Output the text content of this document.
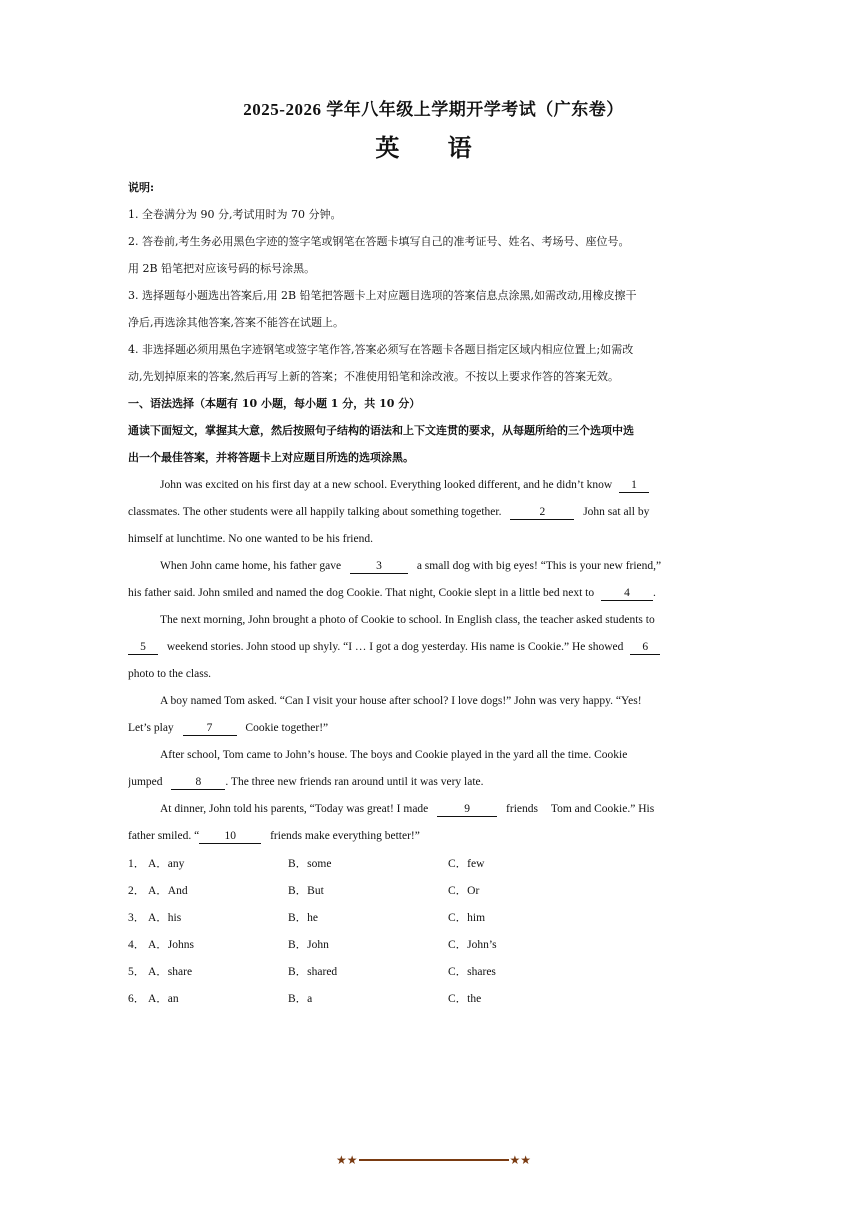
2025-2026 学年八年级上学期开学考试（广东卷）
英 语
说明:
1. 全卷满分为 90 分,考试用时为 70 分钟。
2. 答卷前,考生务必用黑色字迹的签字笔或钢笔在答题卡填写自己的准考证号、姓名、考场号、座位号。
用 2B 铅笔把对应该号码的标号涂黑。
3. 选择题每小题选出答案后,用 2B 铅笔把答题卡上对应题目选项的答案信息点涂黑,如需改动,用橡皮擦干
净后,再选涂其他答案,答案不能答在试题上。
4. 非选择题必须用黑色字迹钢笔或签字笔作答,答案必须写在答题卡各题目指定区域内相应位置上;如需改
动,先划掉原来的答案,然后再写上新的答案；不准使用铅笔和涂改液。不按以上要求作答的答案无效。
一、语法选择（本题有 10 小题，每小题 1 分，共 10 分）
通读下面短文，掌握其大意，然后按照句子结构的语法和上下文连贯的要求，从每题所给的三个选项中选
出一个最佳答案，并将答题卡上对应题目所选的选项涂黑。
John was excited on his first day at a new school. Everything looked different, and he didn’t know 1
classmates. The other students were all happily talking about something together.	2	John sat all by
himself at lunchtime. No one wanted to be his friend.
When John came home, his father gave	3	a small dog with big eyes! “This is your new friend,”
his father said. John smiled and named the dog Cookie. That night, Cookie slept in a little bed next to	4 .
The next morning, John brought a photo of Cookie to school. In English class, the teacher asked students to
5 weekend stories. John stood up shyly. “I … I got a dog yesterday. His name is Cookie.” He showed 6
photo to the class.
A boy named Tom asked. “Can I visit your house after school? I love dogs!” John was very happy. “Yes!
Let’s play	7	Cookie together!”
After school, Tom came to John’s house. The boys and Cookie played in the yard all the time. Cookie
jumped	8 . The three new friends ran around until it was very late.
At dinner, John told his parents, “Today was great! I made	9	friends Tom and Cookie.” His
father smiled. “ 10	friends make everything better!”
1． A．any	B．some	C．few
2． A．And	B．But	C．Or
3． A．his	B．he	C．him
4． A．Johns	B．John	C．John’s
5． A．share	B．shared	C．shares
6． A．an	B．a	C．the
★★	★★
